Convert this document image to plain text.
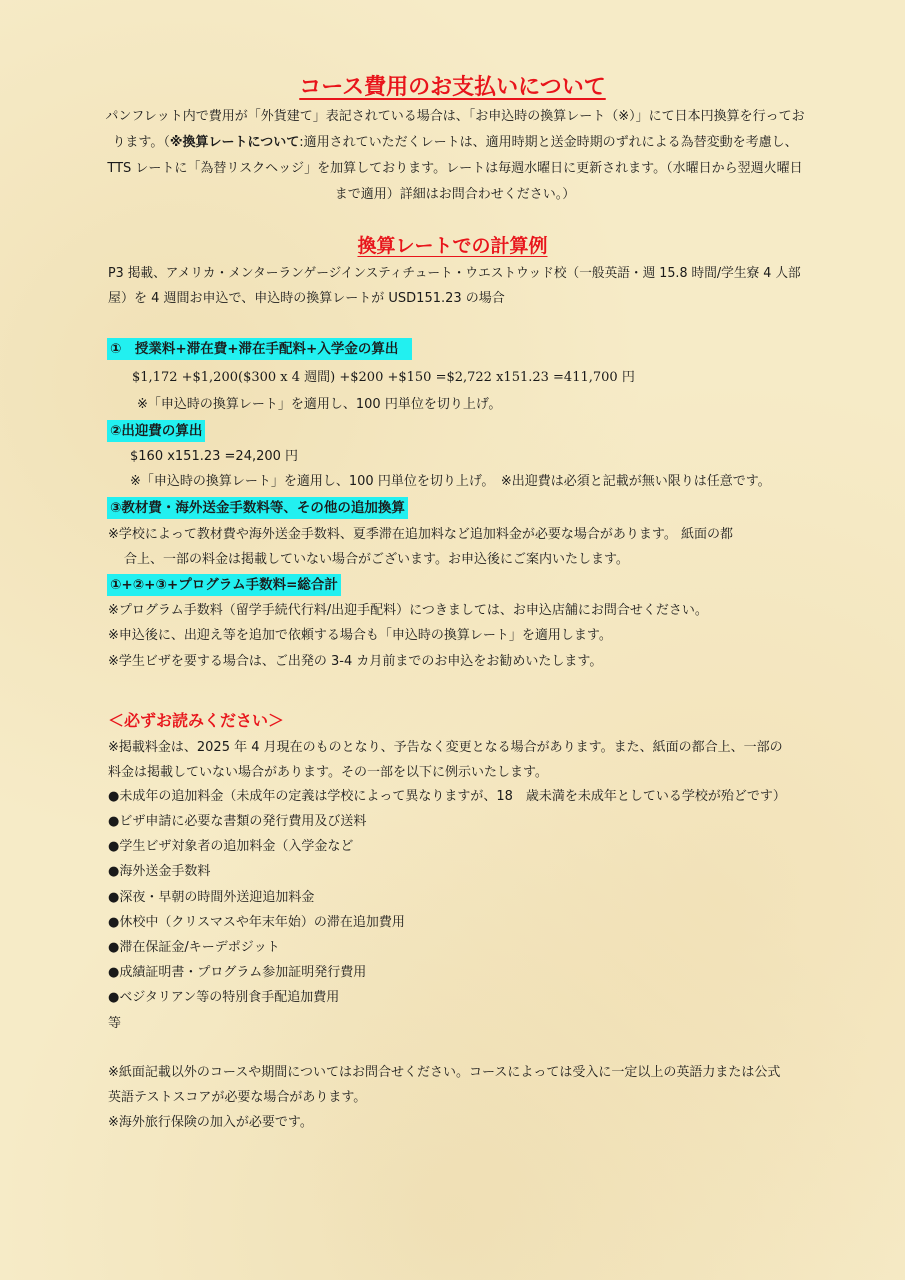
コース費用のお支払いについて

パンフレット内で費用が「外貨建て」表記されている場合は、「お申込時の換算レート（※）」にて日本円換算を行っております。（※換算レートについて:適用されていただくレートは、適用時期と送金時期のずれによる為替変動を考慮し、TTS レートに「為替リスクヘッジ」を加算しております。レートは毎週水曜日に更新されます。（水曜日から翌週火曜日まで適用）詳細はお問合わせください。）

換算レートでの計算例
P3 掲載、アメリカ・メンターランゲージインスティチュート・ウエストウッド校（一般英語・週 15.8 時間/学生寮 4 人部
屋）を 4 週間お申込で、申込時の換算レートが USD151.23 の場合
①　授業料+滞在費+滞在手配料+入学金の算出
$1,172 +$1,200($300 x 4 週間) +$200 +$150 =$2,722 x151.23 =411,700 円
※「申込時の換算レート」を適用し、100 円単位を切り上げ。
②出迎費の算出
$160 x151.23 =24,200 円
※「申込時の換算レート」を適用し、100 円単位を切り上げ。　※出迎費は必須と記載が無い限りは任意です。
③教材費・海外送金手数料等、その他の追加換算
※学校によって教材費や海外送金手数料、夏季滞在追加料など追加料金が必要な場合があります。 紙面の都
合上、一部の料金は掲載していない場合がございます。お申込後にご案内いたします。
①+②+③+プログラム手数料=総合計
※プログラム手数料（留学手続代行料/出迎手配料）につきましては、お申込店舗にお問合せください。
※申込後に、出迎え等を追加で依頼する場合も「申込時の換算レート」を適用します。
※学生ビザを要する場合は、ご出発の 3-4 カ月前までのお申込をお勧めいたします。
＜必ずお読みください＞
※掲載料金は、2025 年 4 月現在のものとなり、予告なく変更となる場合があります。また、紙面の都合上、一部の
料金は掲載していない場合があります。その一部を以下に例示いたします。
●未成年の追加料金（未成年の定義は学校によって異なりますが、18　歳未満を未成年としている学校が殆どです）
●ビザ申請に必要な書類の発行費用及び送料
●学生ビザ対象者の追加料金（入学金など
●海外送金手数料
●深夜・早朝の時間外送迎追加料金
●休校中（クリスマスや年末年始）の滞在追加費用
●滞在保証金/キーデポジット
●成績証明書・プログラム参加証明発行費用
●ベジタリアン等の特別食手配追加費用
等
※紙面記載以外のコースや期間についてはお問合せください。コースによっては受入に一定以上の英語力または公式
英語テストスコアが必要な場合があります。
※海外旅行保険の加入が必要です。
